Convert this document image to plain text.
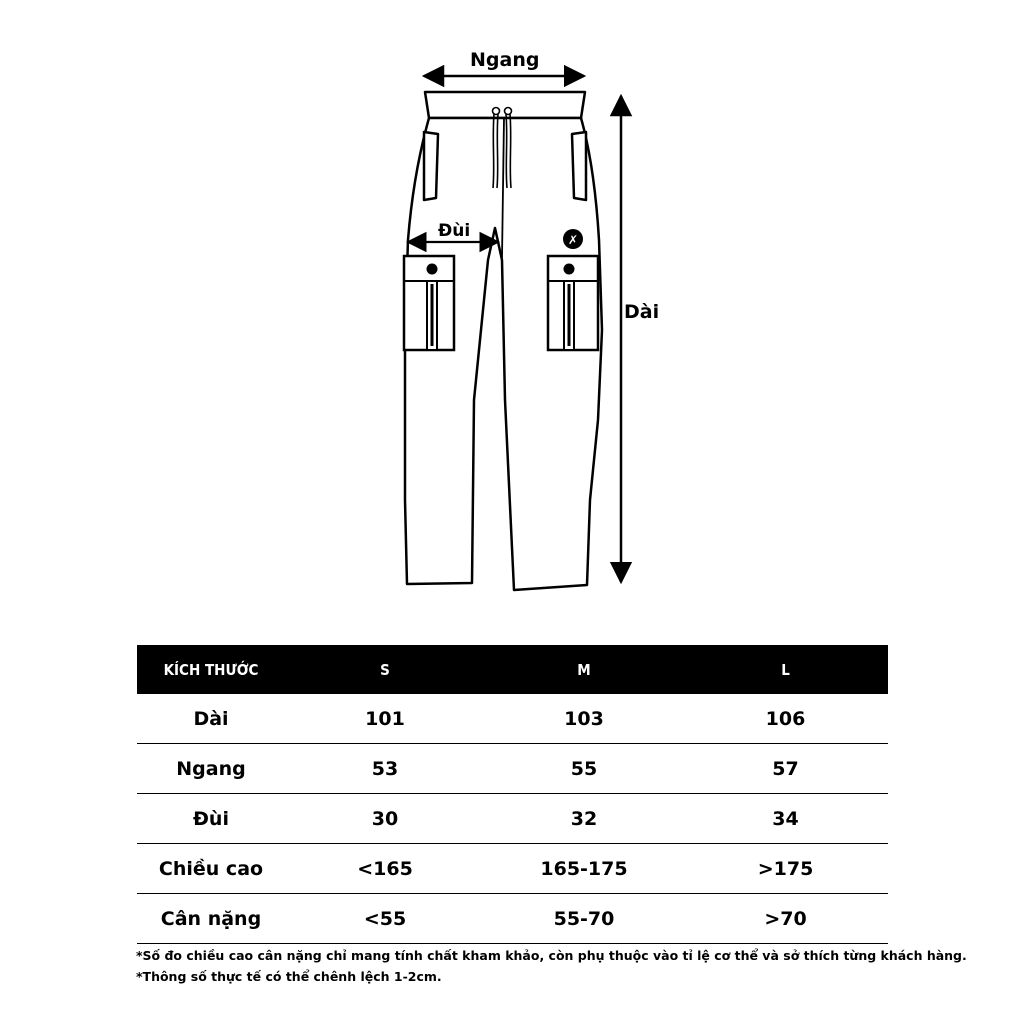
✗
Ngang
Dài
Đùi
KÍCH THƯỚC	S	M	L
Dài	101	103	106
Ngang	53	55	57
Đùi	30	32	34
Chiều cao	<165	165-175	>175
Cân nặng	<55	55-70	>70
*Số đo chiều cao cân nặng chỉ mang tính chất kham khảo, còn phụ thuộc vào tỉ lệ cơ thể và sở thích từng khách hàng.
*Thông số thực tế có thể chênh lệch 1-2cm.
